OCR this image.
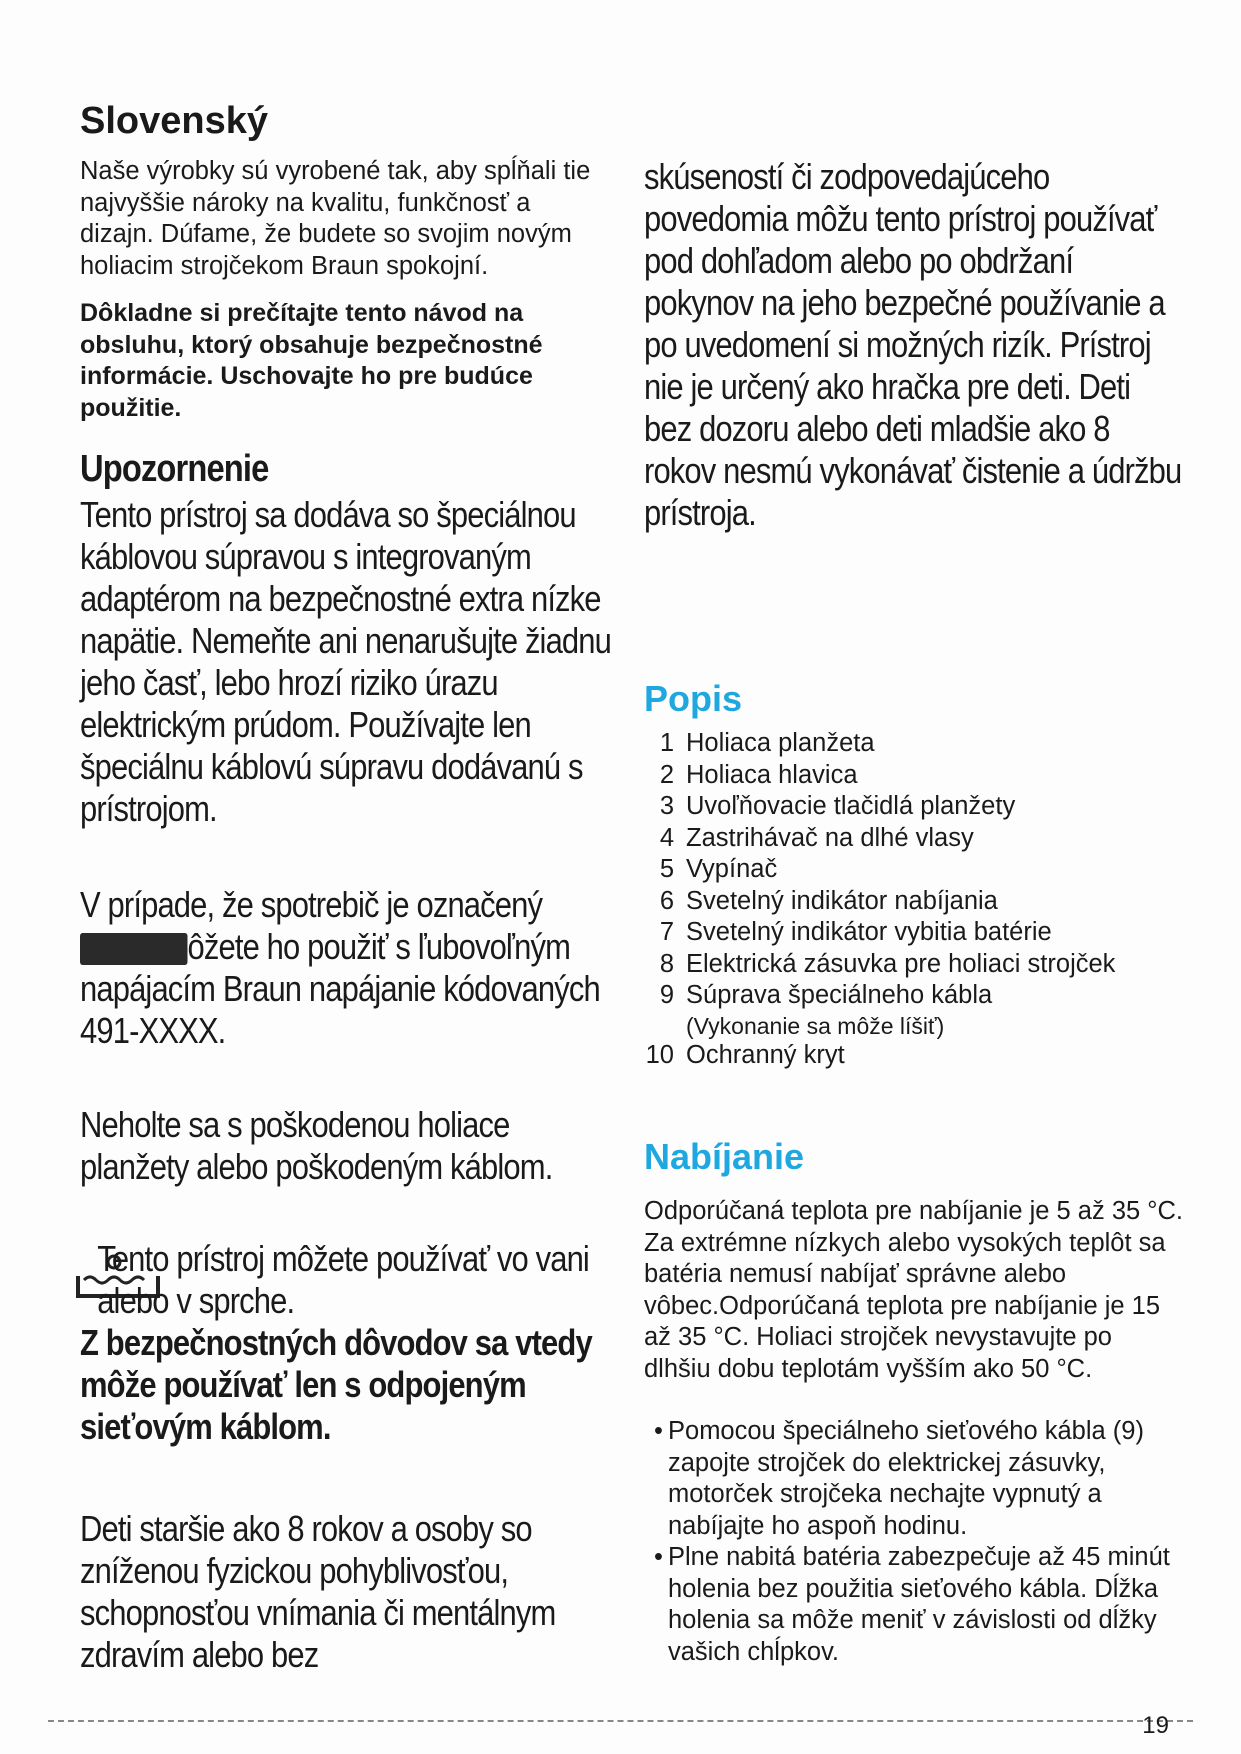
Slovenský

Naše výrobky sú vyrobené tak, aby spĺňali tie najvyššie nároky na kvalitu, funkčnosť a dizajn. Dúfame, že budete so svojim novým holiacim strojčekom Braun spokojní.

Dôkladne si prečítajte tento návod na obsluhu, ktorý obsahuje bezpečnostné informácie. Uschovajte ho pre budúce použitie.

Upozornenie

Tento prístroj sa dodáva so špeciálnou káblovou súpravou s integrovaným adaptérom na bezpečnostné extra nízke napätie. Nemeňte ani nenarušujte žiadnu jeho časť, lebo hrozí riziko úrazu elektrickým prúdom. Používajte len špeciálnu káblovú súpravu dodávanú s prístrojom.

V prípade, že spotrebič je označený ôžete ho použiť s ľubovoľným napájacím Braun napájanie kódovaných 491-XXXX.

Neholte sa s poškodenou holiace planžety alebo poškodeným káblom.

Tento prístroj môžete používať vo vani alebo v sprche.
Z bezpečnostných dôvodov sa vtedy môže používať len s odpojeným sieťovým káblom.

Deti staršie ako 8 rokov a osoby so zníženou fyzickou pohyblivosťou, schopnosťou vnímania či mentálnym zdravím alebo bez

skúseností či zodpovedajúceho povedomia môžu tento prístroj používať pod dohľadom alebo po obdržaní pokynov na jeho bezpečné používanie a po uvedomení si možných rizík. Prístroj nie je určený ako hračka pre deti. Deti bez dozoru alebo deti mladšie ako 8 rokov nesmú vykonávať čistenie a údržbu prístroja.

Popis
1 Holiaca planžeta
2 Holiaca hlavica
3 Uvoľňovacie tlačidlá planžety
4 Zastrihávač na dlhé vlasy
5 Vypínač
6 Svetelný indikátor nabíjania
7 Svetelný indikátor vybitia batérie
8 Elektrická zásuvka pre holiaci strojček
9 Súprava špeciálneho kábla
(Vykonanie sa môže líšiť)
10 Ochranný kryt
Nabíjanie

Odporúčaná teplota pre nabíjanie je 5 až 35 °C. Za extrémne nízkych alebo vysokých teplôt sa batéria nemusí nabíjať správne alebo vôbec.Odporúčaná teplota pre nabíjanie je 15 až 35 °C. Holiaci strojček nevystavujte po dlhšiu dobu teplotám vyšším ako 50 °C.

• Pomocou špeciálneho sieťového kábla (9) zapojte strojček do elektrickej zásuvky, motorček strojčeka nechajte vypnutý a nabíjajte ho aspoň hodinu.
• Plne nabitá batéria zabezpečuje až 45 minút holenia bez použitia sieťového kábla. Dĺžka holenia sa môže meniť v závislosti od dĺžky vašich chĺpkov.
19
